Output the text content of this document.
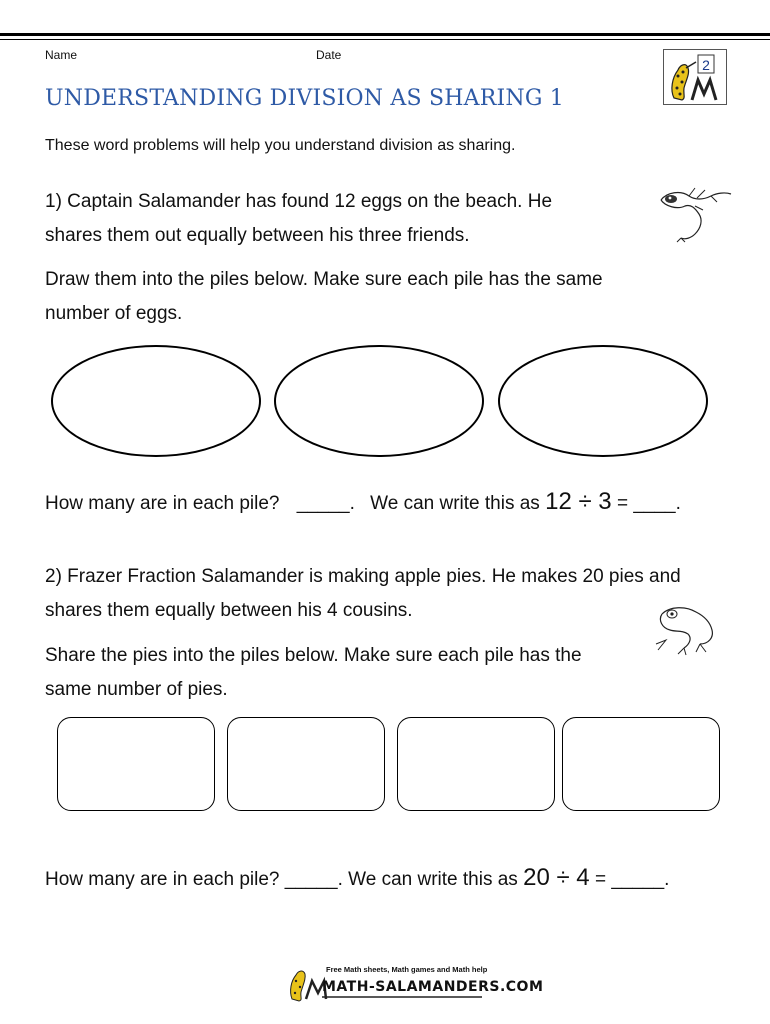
Name	Date
2
UNDERSTANDING DIVISION AS SHARING 1
These word problems will help you understand division as sharing.
1) Captain Salamander has found 12 eggs on the beach. He
shares them out equally between his three friends.
Draw them into the piles below. Make sure each pile has the same
number of eggs.
How many are in each pile? _____. We can write this as 12 ÷ 3 = ____.
2) Frazer Fraction Salamander is making apple pies. He makes 20 pies and
shares them equally between his 4 cousins.
Share the pies into the piles below. Make sure each pile has the
same number of pies.
How many are in each pile? _____. We can write this as 20 ÷ 4 = _____.
Free Math sheets, Math games and Math help
MATH-SALAMANDERS.COM
